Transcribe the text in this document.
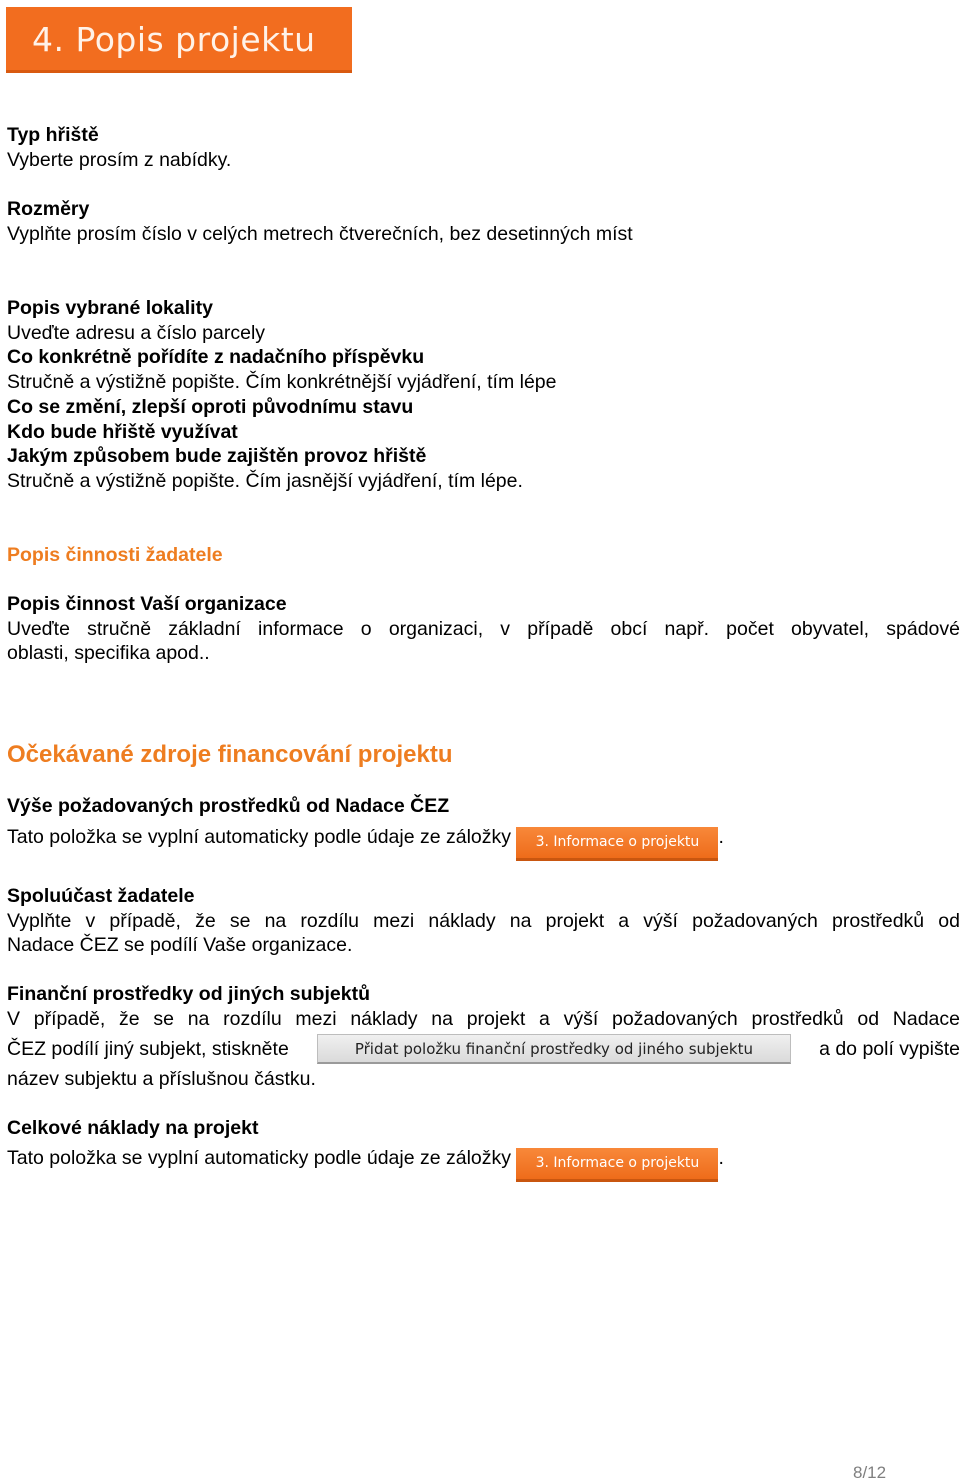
4. Popis projektu
Typ hřiště
Vyberte prosím z nabídky.
Rozměry
Vyplňte prosím číslo v celých metrech čtverečních, bez desetinných míst
Popis vybrané lokality
Uveďte adresu a číslo parcely
Co konkrétně pořídíte z nadačního příspěvku
Stručně a výstižně popište. Čím konkrétnější vyjádření, tím lépe
Co se změní, zlepší oproti původnímu stavu
Kdo bude hřiště využívat
Jakým způsobem bude zajištěn provoz hřiště
Stručně a výstižně popište. Čím jasnější vyjádření, tím lépe.
Popis činnosti žadatele
Popis činnost Vaší organizace
Uveďte stručně základní informace o organizaci, v případě obcí např. počet obyvatel, spádové
oblasti, specifika apod..
Očekávané zdroje financování projektu
Výše požadovaných prostředků od Nadace ČEZ
Tato položka se vyplní automaticky podle údaje ze záložky 3. Informace o projektu .
Spoluúčast žadatele
Vyplňte v případě, že se na rozdílu mezi náklady na projekt a výší požadovaných prostředků od
Nadace ČEZ se podílí Vaše organizace.
Finanční prostředky od jiných subjektů
V případě, že se na rozdílu mezi náklady na projekt a výší požadovaných prostředků od Nadace
ČEZ podílí jiný subjekt, stiskněte	Přidat položku finanční prostředky od jiného subjektu	a do polí vypište
název subjektu a příslušnou částku.
Celkové náklady na projekt
Tato položka se vyplní automaticky podle údaje ze záložky 3. Informace o projektu .
8/12
